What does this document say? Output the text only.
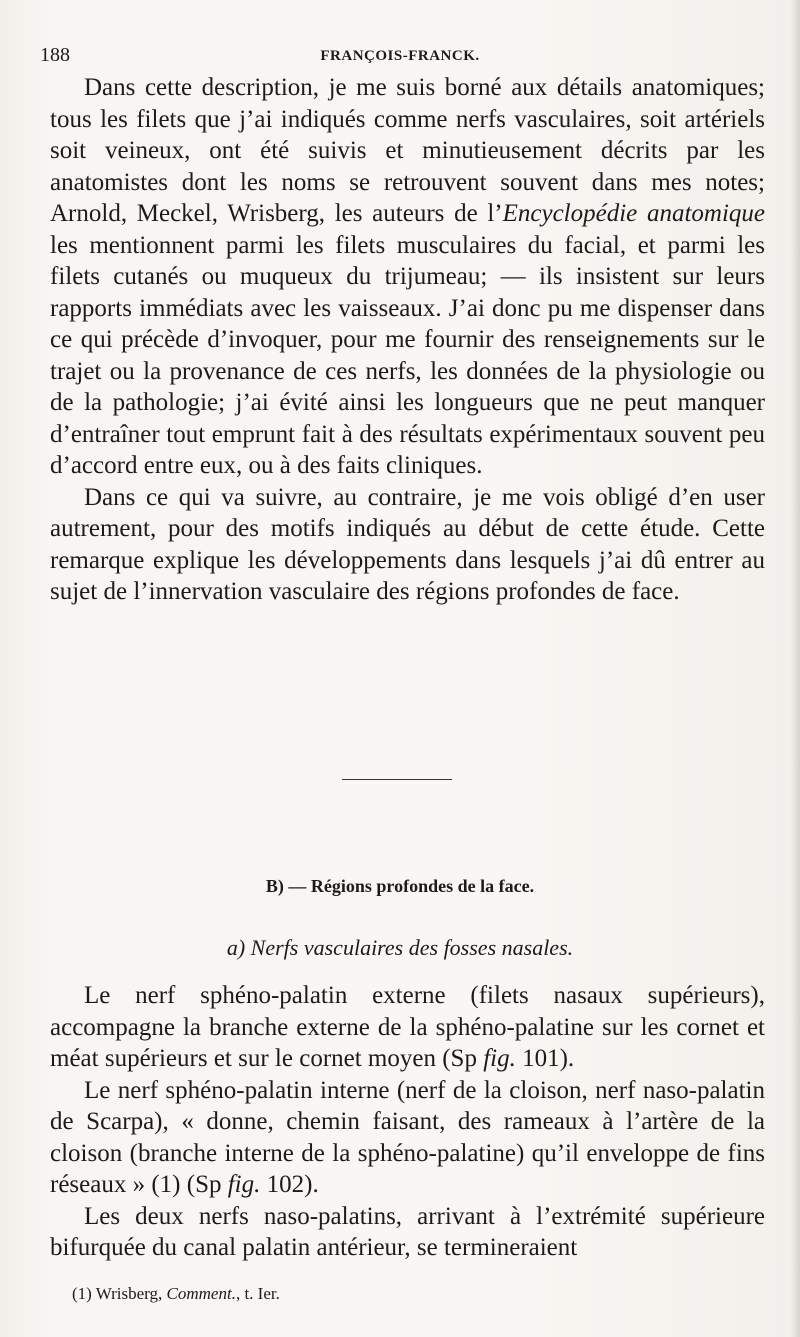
188	FRANÇOIS-FRANCK.

Dans cette description, je me suis borné aux détails anatomiques; tous les filets que j’ai indiqués comme nerfs vasculaires, soit artériels soit veineux, ont été suivis et minutieusement décrits par les anatomistes dont les noms se retrouvent souvent dans mes notes; Arnold, Meckel, Wrisberg, les auteurs de l’Encyclopédie anatomique les mentionnent parmi les filets musculaires du facial, et parmi les filets cutanés ou muqueux du trijumeau; — ils insistent sur leurs rapports immédiats avec les vaisseaux. J’ai donc pu me dispenser dans ce qui précède d’invoquer, pour me fournir des renseignements sur le trajet ou la provenance de ces nerfs, les données de la physiologie ou de la pathologie; j’ai évité ainsi les longueurs que ne peut manquer d’entraîner tout emprunt fait à des résultats expérimentaux souvent peu d’accord entre eux, ou à des faits cliniques.

Dans ce qui va suivre, au contraire, je me vois obligé d’en user autrement, pour des motifs indiqués au début de cette étude. Cette remarque explique les développements dans lesquels j’ai dû entrer au sujet de l’innervation vasculaire des régions profondes de face.

B) — Régions profondes de la face.
a) Nerfs vasculaires des fosses nasales.

Le nerf sphéno-palatin externe (filets nasaux supérieurs), accompagne la branche externe de la sphéno-palatine sur les cornet et méat supérieurs et sur le cornet moyen (Sp fig. 101).

Le nerf sphéno-palatin interne (nerf de la cloison, nerf naso-palatin de Scarpa), « donne, chemin faisant, des rameaux à l’artère de la cloison (branche interne de la sphéno-palatine) qu’il enveloppe de fins réseaux » (1) (Sp fig. 102).

Les deux nerfs naso-palatins, arrivant à l’extrémité supérieure bifurquée du canal palatin antérieur, se termineraient

(1) Wrisberg, Comment., t. Ier.
